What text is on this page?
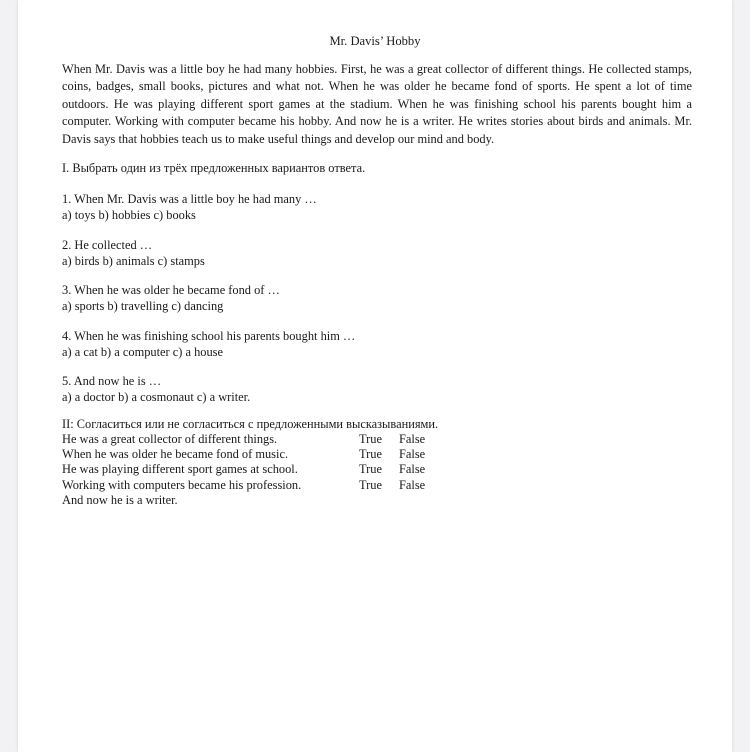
Mr. Davis’ Hobby
When Mr. Davis was a little boy he had many hobbies. First, he was a great collector of different things. He collected stamps, coins, badges, small books, pictures and what not. When he was older he became fond of sports. He spent a lot of time outdoors. He was playing different sport games at the stadium. When he was finishing school his parents bought him a computer. Working with computer became his hobby. And now he is a writer. He writes stories about birds and animals. Mr. Davis says that hobbies teach us to make useful things and develop our mind and body.
I. Выбрать один из трёх предложенных вариантов ответа.
1. When Mr. Davis was a little boy he had many …
a) toys b) hobbies c) books
2. He collected …
a) birds b) animals c) stamps
3. When he was older he became fond of …
a) sports b) travelling c) dancing
4. When he was finishing school his parents bought him …
a) a cat b) a computer c) a house
5. And now he is …
a) a doctor b) a cosmonaut c) a writer.
II: Согласиться или не согласиться с предложенными высказываниями.
He was a great collector of different things.	True False
When he was older he became fond of music.	True False
He was playing different sport games at school.	True False
Working with computers became his profession.	True False
And now he is a writer.
